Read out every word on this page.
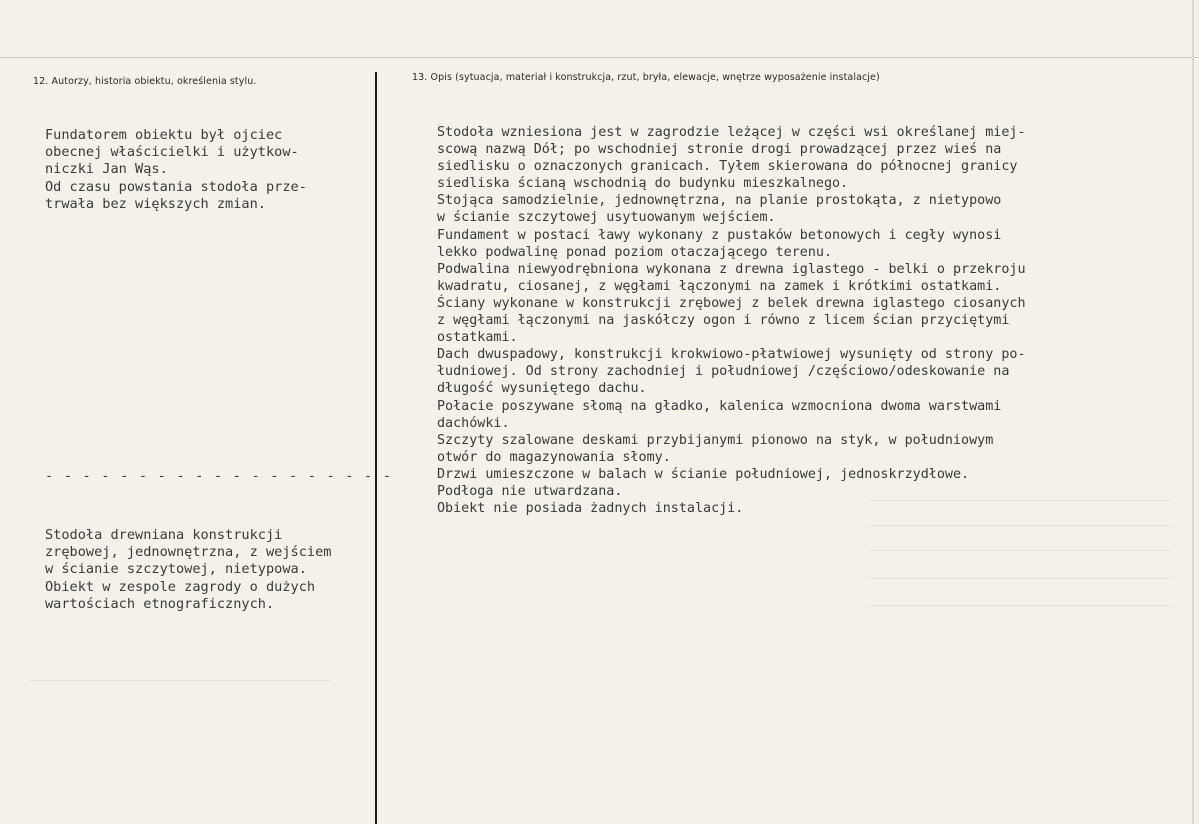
12. Autorzy, historia obiektu, określenia stylu.	13. Opis (sytuacja, materiał i konstrukcja, rzut, bryła, elewacje, wnętrze wyposażenie instalacje)
Fundatorem obiektu był ojciec
obecnej właścicielki i użytkow-
niczki Jan Wąs.
Od czasu powstania stodoła prze-
trwała bez większych zmian.
- - - - - - - - - - - - - - - - - - -
Stodoła drewniana konstrukcji
zrębowej, jednownętrzna, z wejściem
w ścianie szczytowej, nietypowa.
Obiekt w zespole zagrody o dużych
wartościach etnograficznych.
Stodoła wzniesiona jest w zagrodzie leżącej w części wsi określanej miej-
scową nazwą Dół; po wschodniej stronie drogi prowadzącej przez wieś na
siedlisku o oznaczonych granicach. Tyłem skierowana do północnej granicy
siedliska ścianą wschodnią do budynku mieszkalnego.
Stojąca samodzielnie, jednownętrzna, na planie prostokąta, z nietypowo
w ścianie szczytowej usytuowanym wejściem.
Fundament w postaci ławy wykonany z pustaków betonowych i cegły wynosi
lekko podwalinę ponad poziom otaczającego terenu.
Podwalina niewyodrębniona wykonana z drewna iglastego - belki o przekroju
kwadratu, ciosanej, z węgłami łączonymi na zamek i krótkimi ostatkami.
Ściany wykonane w konstrukcji zrębowej z belek drewna iglastego ciosanych
z węgłami łączonymi na jaskółczy ogon i równo z licem ścian przyciętymi
ostatkami.
Dach dwuspadowy, konstrukcji krokwiowo-płatwiowej wysunięty od strony po-
łudniowej. Od strony zachodniej i południowej /częściowo/odeskowanie na
długość wysuniętego dachu.
Połacie poszywane słomą na gładko, kalenica wzmocniona dwoma warstwami
dachówki.
Szczyty szalowane deskami przybijanymi pionowo na styk, w południowym
otwór do magazynowania słomy.
Drzwi umieszczone w balach w ścianie południowej, jednoskrzydłowe.
Podłoga nie utwardzana.
Obiekt nie posiada żadnych instalacji.
